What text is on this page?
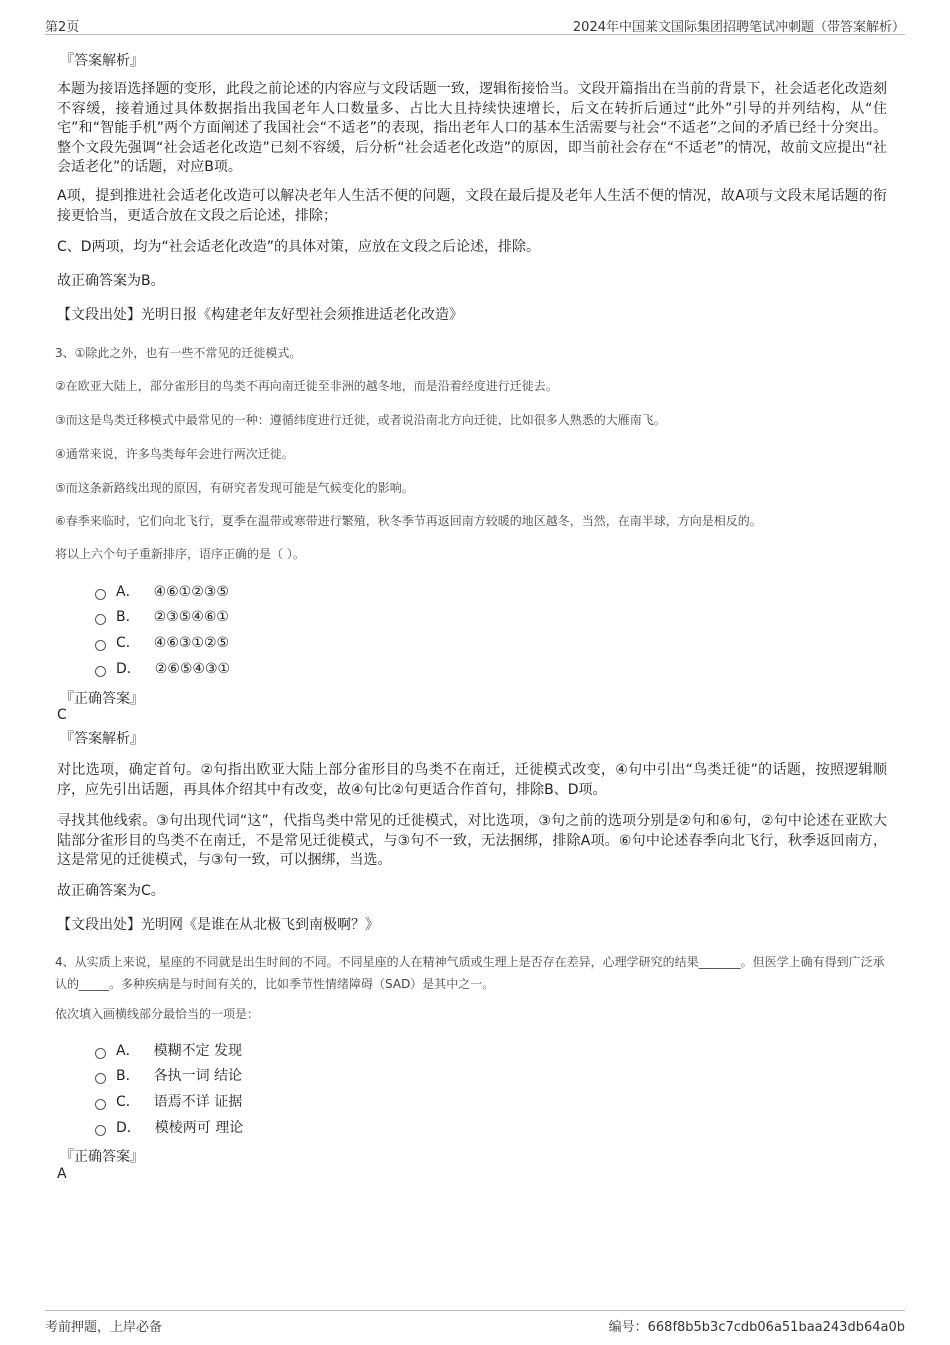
第2页	2024年中国莱文国际集团招聘笔试冲刺题（带答案解析）
『答案解析』
本题为接语选择题的变形，此段之前论述的内容应与文段话题一致，逻辑衔接恰当。文段开篇指出在当前的背景下，社会适老化改造刻不容缓，接着通过具体数据指出我国老年人口数量多、占比大且持续快速增长，后文在转折后通过“此外”引导的并列结构，从“住宅”和“智能手机”两个方面阐述了我国社会“不适老”的表现，指出老年人口的基本生活需要与社会“不适老”之间的矛盾已经十分突出。整个文段先强调“社会适老化改造”已刻不容缓，后分析“社会适老化改造”的原因，即当前社会存在“不适老”的情况，故前文应提出“社会适老化”的话题，对应B项。
A项，提到推进社会适老化改造可以解决老年人生活不便的问题，文段在最后提及老年人生活不便的情况，故A项与文段末尾话题的衔接更恰当，更适合放在文段之后论述，排除；
C、D两项，均为“社会适老化改造”的具体对策，应放在文段之后论述，排除。
故正确答案为B。
【文段出处】光明日报《构建老年友好型社会须推进适老化改造》
3、①除此之外，也有一些不常见的迁徙模式。
②在欧亚大陆上，部分雀形目的鸟类不再向南迁徙至非洲的越冬地，而是沿着经度进行迁徙去。
③而这是鸟类迁移模式中最常见的一种：遵循纬度进行迁徙，或者说沿南北方向迁徙，比如很多人熟悉的大雁南飞。
④通常来说，许多鸟类每年会进行两次迁徙。
⑤而这条新路线出现的原因，有研究者发现可能是气候变化的影响。
⑥春季来临时，它们向北飞行，夏季在温带或寒带进行繁殖，秋冬季节再返回南方较暖的地区越冬，当然，在南半球，方向是相反的。
将以上六个句子重新排序，语序正确的是（ ）。
A． ④⑥①②③⑤
B． ②③⑤④⑥①
C． ④⑥③①②⑤
D． ②⑥⑤④③①
『正确答案』
C
『答案解析』
对比选项，确定首句。②句指出欧亚大陆上部分雀形目的鸟类不在南迁，迁徙模式改变，④句中引出“鸟类迁徙”的话题，按照逻辑顺序，应先引出话题，再具体介绍其中有改变，故④句比②句更适合作首句，排除B、D项。
寻找其他线索。③句出现代词“这”，代指鸟类中常见的迁徙模式，对比选项，③句之前的选项分别是②句和⑥句，②句中论述在亚欧大陆部分雀形目的鸟类不在南迁，不是常见迁徙模式，与③句不一致，无法捆绑，排除A项。⑥句中论述春季向北飞行，秋季返回南方，这是常见的迁徙模式，与③句一致，可以捆绑，当选。
故正确答案为C。
【文段出处】光明网《是谁在从北极飞到南极啊？》
4、从实质上来说，星座的不同就是出生时间的不同。不同星座的人在精神气质或生理上是否存在差异，心理学研究的结果_______。但医学上确有得到广泛承认的_____。多种疾病是与时间有关的，比如季节性情绪障碍（SAD）是其中之一。
依次填入画横线部分最恰当的一项是：
A． 模糊不定 发现
B． 各执一词 结论
C． 语焉不详 证据
D． 模棱两可 理论
『正确答案』
A
考前押题，上岸必备	编号：668f8b5b3c7cdb06a51baa243db64a0b
